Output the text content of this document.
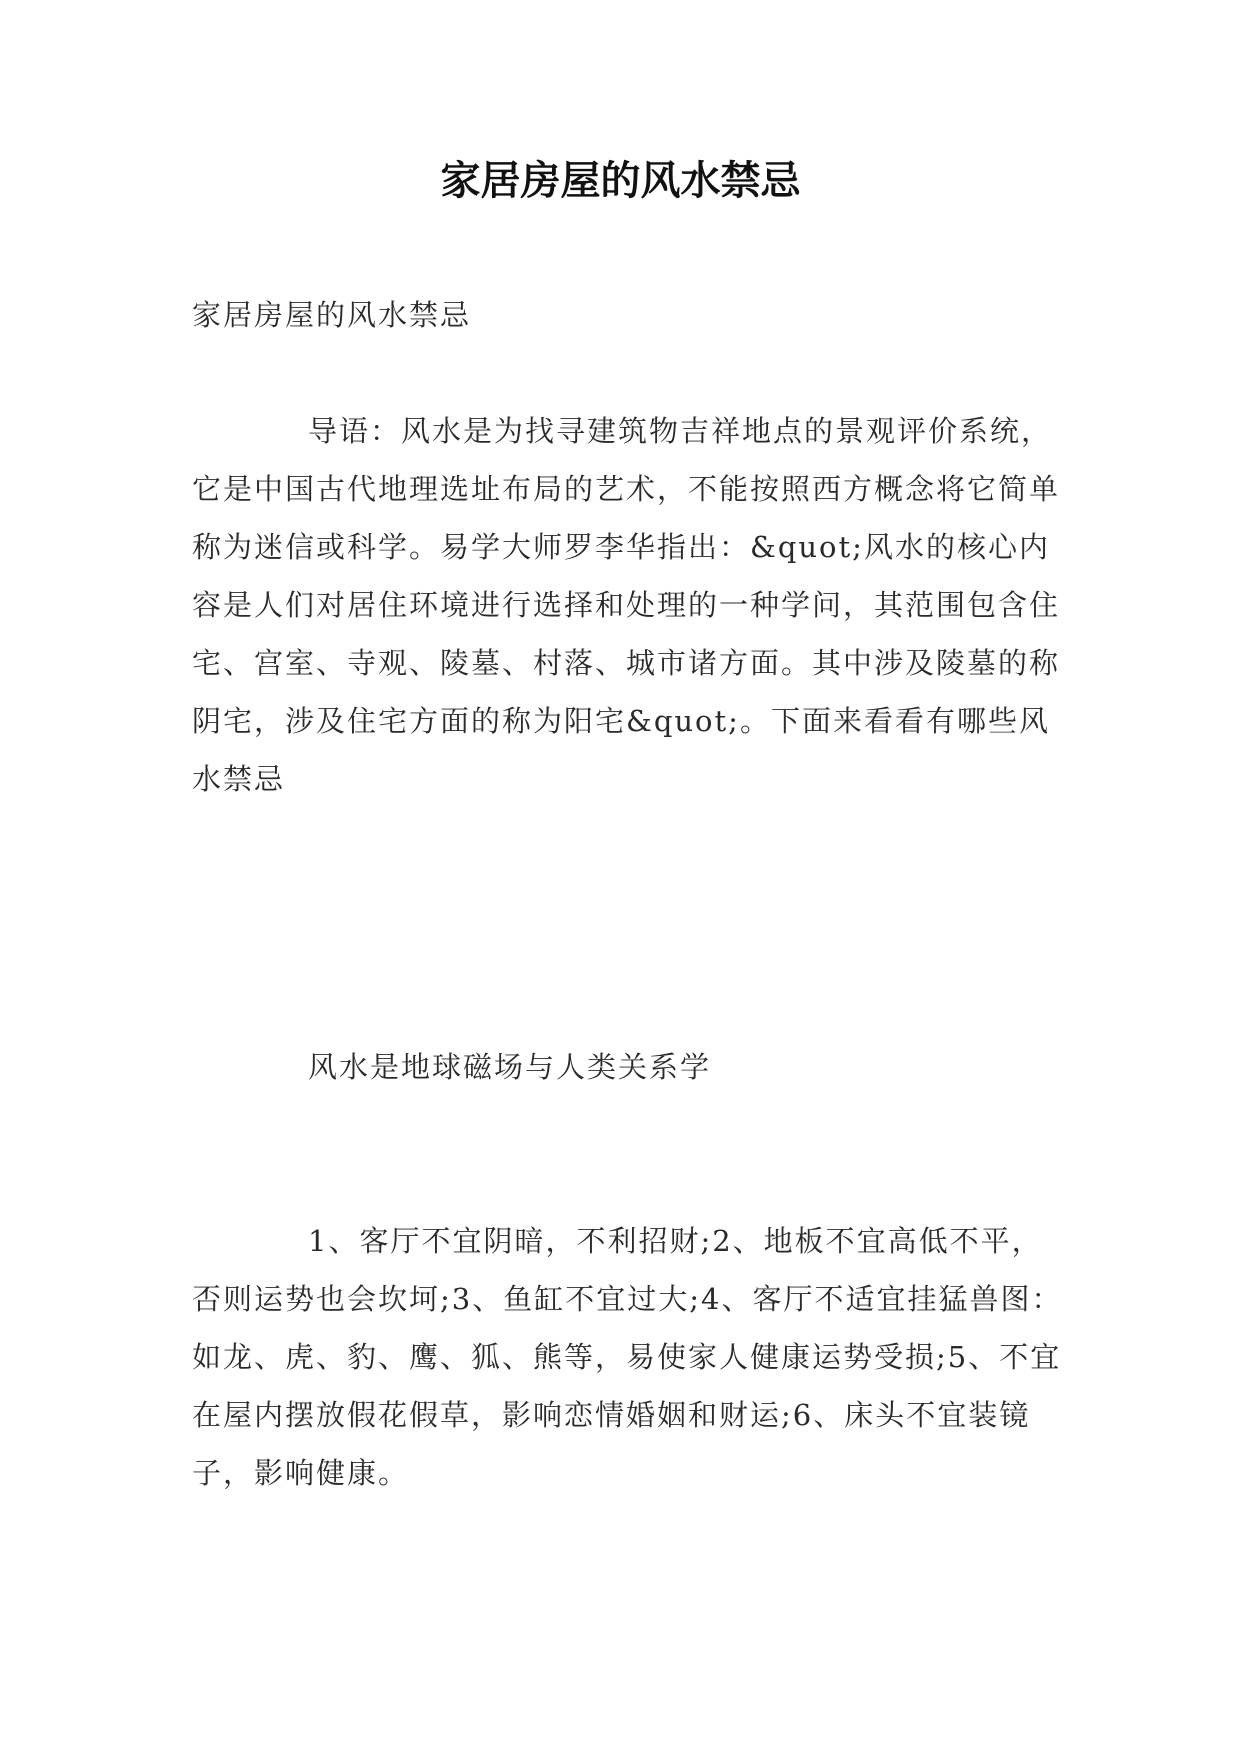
家居房屋的风水禁忌

家居房屋的风水禁忌

导语：风水是为找寻建筑物吉祥地点的景观评价系统，它是中国古代地理选址布局的艺术，不能按照西方概念将它简单称为迷信或科学。易学大师罗李华指出：&quot;风水的核心内容是人们对居住环境进行选择和处理的一种学问，其范围包含住宅、宫室、寺观、陵墓、村落、城市诸方面。其中涉及陵墓的称阴宅，涉及住宅方面的称为阳宅&quot;。下面来看看有哪些风水禁忌

风水是地球磁场与人类关系学

1、客厅不宜阴暗，不利招财;2、地板不宜高低不平，否则运势也会坎坷;3、鱼缸不宜过大;4、客厅不适宜挂猛兽图：如龙、虎、豹、鹰、狐、熊等，易使家人健康运势受损;5、不宜在屋内摆放假花假草，影响恋情婚姻和财运;6、床头不宜装镜子，影响健康。
